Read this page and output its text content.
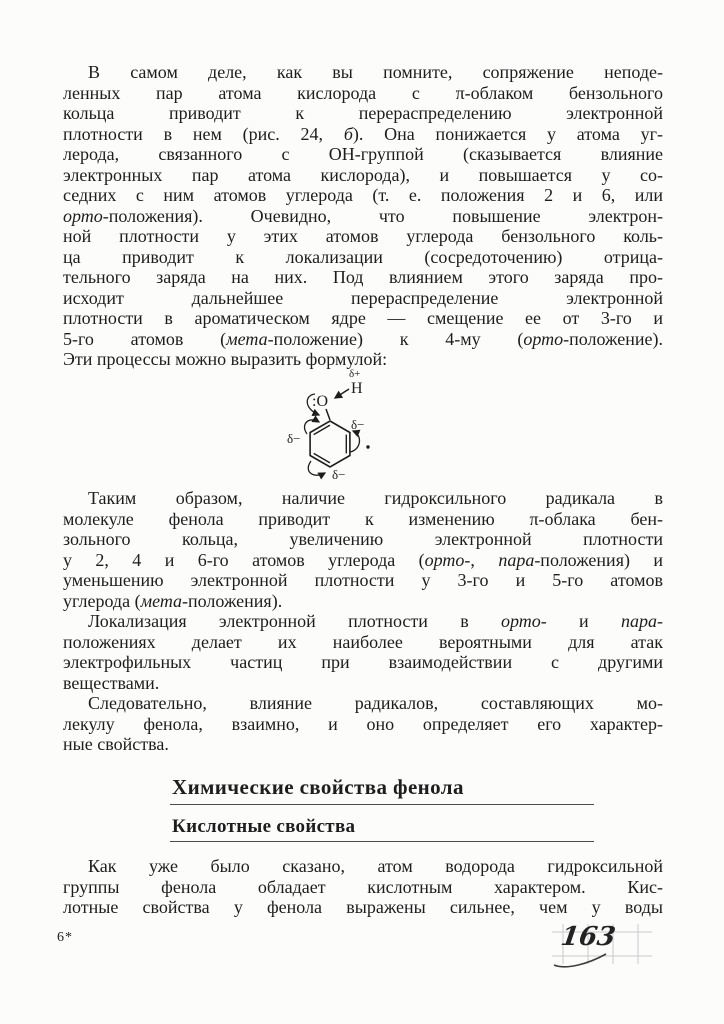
В самом деле, как вы помните, сопряжение неподе-
ленных пар атома кислорода с π-облаком бензольного
кольца приводит к перераспределению электронной
плотности в нем (рис. 24, б). Она понижается у атома уг-
лерода, связанного с ОН-группой (сказывается влияние
электронных пар атома кислорода), и повышается у со-
седних с ним атомов углерода (т. е. положения 2 и 6, или
орто-положения). Очевидно, что повышение электрон-
ной плотности у этих атомов углерода бензольного коль-
ца приводит к локализации (сосредоточению) отрица-
тельного заряда на них. Под влиянием этого заряда про-
исходит дальнейшее перераспределение электронной
плотности в ароматическом ядре — смещение ее от 3-го и
5-го атомов (мета-положение) к 4-му (орто-положение).
Эти процессы можно выразить формулой:
Таким образом, наличие гидроксильного радикала в
молекуле фенола приводит к изменению π-облака бен-
зольного кольца, увеличению электронной плотности
у 2, 4 и 6-го атомов углерода (орто-, пара-положения) и
уменьшению электронной плотности у 3-го и 5-го атомов
углерода (мета-положения).
Локализация электронной плотности в орто- и пара-
положениях делает их наиболее вероятными для атак
электрофильных частиц при взаимодействии с другими
веществами.
Следовательно, влияние радикалов, составляющих мо-
лекулу фенола, взаимно, и оно определяет его характер-
ные свойства.
δ+
H
:O
δ−
δ−
δ−
Химические свойства фенола
Кислотные свойства
Как уже было сказано, атом водорода гидроксильной
группы фенола обладает кислотным характером. Кис-
лотные свойства у фенола выражены сильнее, чем у воды
6*	163
